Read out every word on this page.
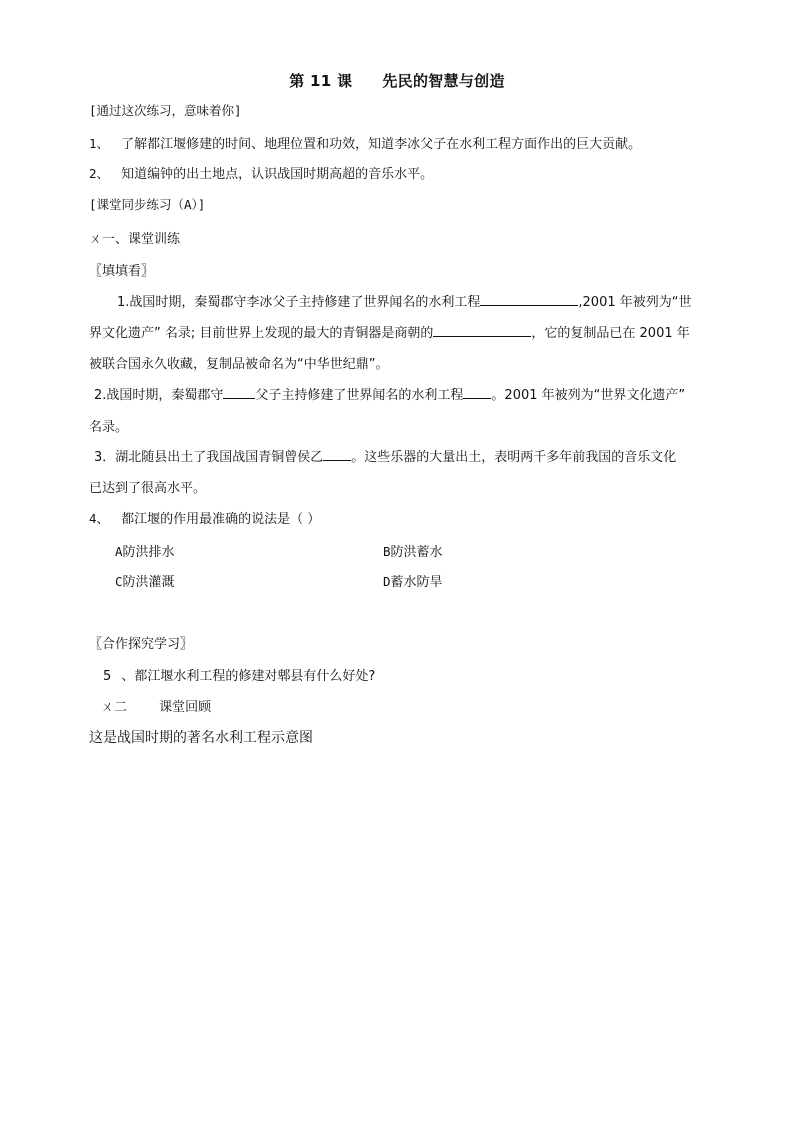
第 11 课 先民的智慧与创造
[通过这次练习，意味着你]
1、 了解都江堰修建的时间、地理位置和功效，知道李冰父子在水利工程方面作出的巨大贡献。
2、 知道编钟的出土地点，认识战国时期高超的音乐水平。
[课堂同步练习（A）]
ㄨ一、课堂训练
〖填填看〗
1.战国时期，秦蜀郡守李冰父子主持修建了世界闻名的水利工程	,2001 年被列为“世
界文化遗产” 名录; 目前世界上发现的最大的青铜器是商朝的	，它的复制品已在 2001 年
被联合国永久收藏，复制品被命名为“中华世纪鼎”。
2.战国时期，秦蜀郡守 父子主持修建了世界闻名的水利工程 。2001 年被列为“世界文化遗产”
名录。
3．湖北随县出土了我国战国青铜曾侯乙 。这些乐器的大量出土，表明两千多年前我国的音乐文化
已达到了很高水平。
4、 都江堰的作用最准确的说法是（ ）
A防洪排水	B防洪蓄水
C防洪灌溉	D蓄水防旱
〖合作探究学习〗
5 、都江堰水利工程的修建对郫县有什么好处?
ㄨ二 课堂回顾
这是战国时期的著名水利工程示意图
